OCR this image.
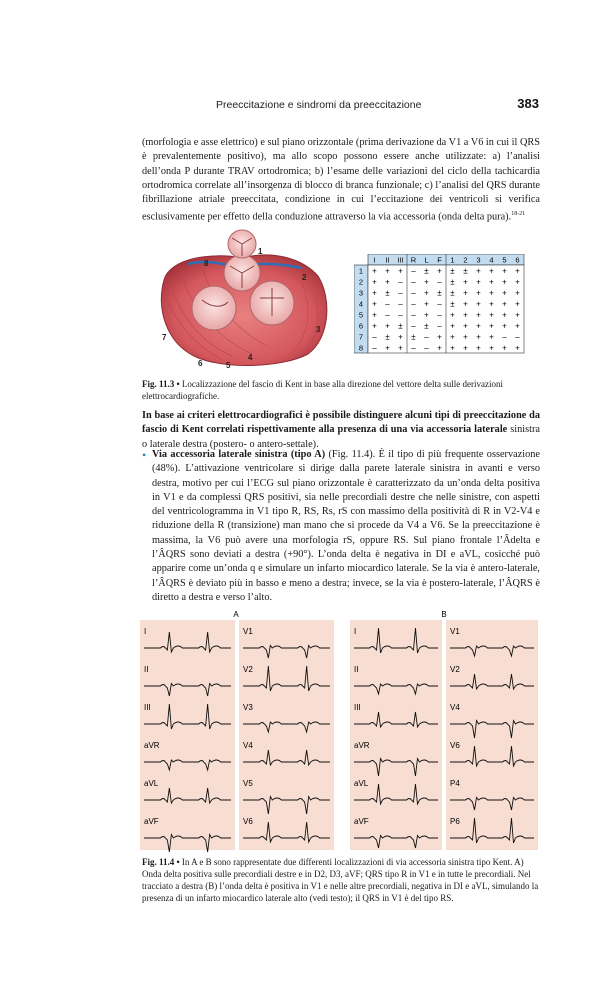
Preeccitazione e sindromi da preeccitazione	383
(morfologia e asse elettrico) e sul piano orizzontale (prima derivazione da V1 a V6 in cui il QRS è prevalentemente positivo), ma allo scopo possono essere anche utilizzate: a) l’analisi dell’onda P durante TRAV ortodromica; b) l’esame delle variazioni del ciclo della tachicardia ortodromica correlate all’insorgenza di blocco di branca funzionale; c) l’analisi del QRS durante fibrillazione atriale preeccitata, condizione in cui l’eccitazione dei ventricoli si verifica esclusivamente per effetto della conduzione attraverso la via accessoria (onda delta pura).$^{18-21}$
1
2
3
4
5
6
7
8	I II III R L F 1 2 3 4 5 6
1 + + + – ± + ± ± + + + +
2 + + – – + – ± + + + + +
3 + ± – – + ± ± + + + + +
4 + – – – + – ± + + + + +
5 + – – – + – + + + + + +
6 + + ± – ± – + + + + + +
7 – ± + ± – + + + + + – –
8 – + + – – + + + + + + +
Fig. 11.3 • Localizzazione del fascio di Kent in base alla direzione del vettore delta sulle derivazioni elettrocardiografiche.
In base ai criteri elettrocardiografici è possibile distinguere alcuni tipi di preeccitazione da fascio di Kent correlati rispettivamente alla presenza di una via accessoria laterale sinistra o laterale destra (postero- o antero-settale).
• Via accessoria laterale sinistra (tipo A) (Fig. 11.4). È il tipo di più frequente osservazione (48%). L’attivazione ventricolare si dirige dalla parete laterale sinistra in avanti e verso destra, motivo per cui l’ECG sul piano orizzontale è caratterizzato da un’onda delta positiva in V1 e da complessi QRS positivi, sia nelle precordiali destre che nelle sinistre, con aspetti del ventricologramma in V1 tipo R, RS, Rs, rS con massimo della positività di R in V2-V4 e riduzione della R (transizione) man mano che si procede da V4 a V6. Se la preeccitazione è massima, la V6 può avere una morfologia rS, oppure RS. Sul piano frontale l’Âdelta e l’ÂQRS sono deviati a destra (+90°). L’onda delta è negativa in DI e aVL, cosicché può apparire come un’onda q e simulare un infarto miocardico laterale. Se la via è antero-laterale, l’ÂQRS è deviato più in basso e meno a destra; invece, se la via è postero-laterale, l’ÂQRS è diretto a destra e verso l’alto.
A	B
I
II
III
aVR
aVL
aVF
V1
V2
V3
V4
V5
V6
I
II
III
aVR
aVL
aVF
V1
V2
V4
V6
P4
P6
Fig. 11.4 • In A e B sono rappresentate due differenti localizzazioni di via accessoria sinistra tipo Kent. A) Onda delta positiva sulle precordiali destre e in D2, D3, aVF; QRS tipo R in V1 e in tutte le precordiali. Nel tracciato a destra (B) l’onda delta è positiva in V1 e nelle altre precordiali, negativa in DI e aVL, simulando la presenza di un infarto miocardico laterale alto (vedi testo); il QRS in V1 è del tipo RS.
